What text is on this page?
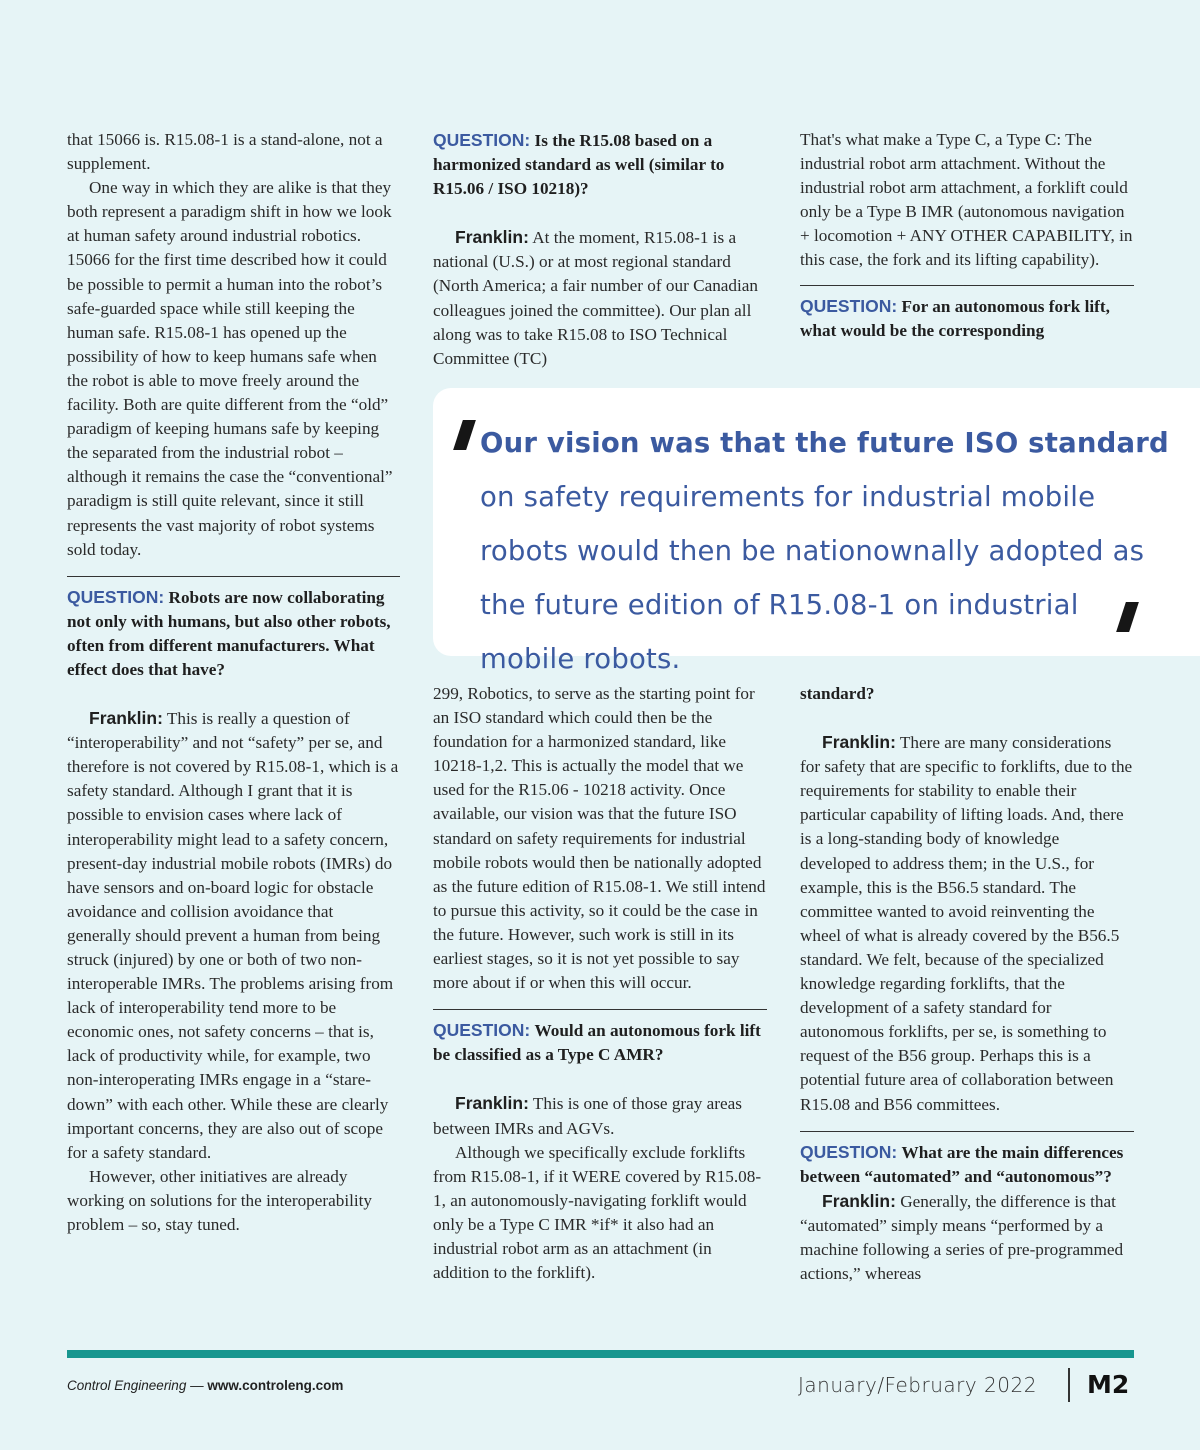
that 15066 is. R15.08-1 is a stand-alone, not a supplement.

One way in which they are alike is that they both represent a paradigm shift in how we look at human safety around industrial robotics. 15066 for the first time described how it could be possible to permit a human into the robot’s safe-guarded space while still keeping the human safe. R15.08-1 has opened up the possibility of how to keep humans safe when the robot is able to move freely around the facility. Both are quite different from the “old” paradigm of keeping humans safe by keeping the separated from the industrial robot – although it remains the case the “conventional” paradigm is still quite relevant, since it still represents the vast majority of robot systems sold today.

QUESTION: Robots are now collaborating not only with humans, but also other robots, often from different manufacturers. What effect does that have?

Franklin: This is really a question of “interoperability” and not “safety” per se, and therefore is not covered by R15.08-1, which is a safety standard. Although I grant that it is possible to envision cases where lack of interoperability might lead to a safety concern, present-day industrial mobile robots (IMRs) do have sensors and on-board logic for obstacle avoidance and collision avoidance that generally should prevent a human from being struck (injured) by one or both of two non-interoperable IMRs. The problems arising from lack of interoperability tend more to be economic ones, not safety concerns – that is, lack of productivity while, for example, two non-interoperating IMRs engage in a “stare-down” with each other. While these are clearly important concerns, they are also out of scope for a safety standard.

However, other initiatives are already working on solutions for the interoperability problem – so, stay tuned.

QUESTION: Is the R15.08 based on a harmonized standard as well (similar to R15.06 / ISO 10218)?

Franklin: At the moment, R15.08-1 is a national (U.S.) or at most regional standard (North America; a fair number of our Canadian colleagues joined the committee). Our plan all along was to take R15.08 to ISO Technical Committee (TC)

299, Robotics, to serve as the starting point for an ISO standard which could then be the foundation for a harmonized standard, like 10218-1,2. This is actually the model that we used for the R15.06 - 10218 activity. Once available, our vision was that the future ISO standard on safety requirements for industrial mobile robots would then be nationally adopted as the future edition of R15.08-1. We still intend to pursue this activity, so it could be the case in the future. However, such work is still in its earliest stages, so it is not yet possible to say more about if or when this will occur.

QUESTION: Would an autonomous fork lift be classified as a Type C AMR?

Franklin: This is one of those gray areas between IMRs and AGVs.

Although we specifically exclude forklifts from R15.08-1, if it WERE covered by R15.08-1, an autonomously-navigating forklift would only be a Type C IMR *if* it also had an industrial robot arm as an attachment (in addition to the forklift).

That's what make a Type C, a Type C: The industrial robot arm attachment. Without the industrial robot arm attachment, a forklift could only be a Type B IMR (autonomous navigation + locomotion + ANY OTHER CAPABILITY, in this case, the fork and its lifting capability).

QUESTION: For an autonomous fork lift, what would be the corresponding

standard?

Franklin: There are many considerations for safety that are specific to forklifts, due to the requirements for stability to enable their particular capability of lifting loads. And, there is a long-standing body of knowledge developed to address them; in the U.S., for example, this is the B56.5 standard. The committee wanted to avoid reinventing the wheel of what is already covered by the B56.5 standard. We felt, because of the specialized knowledge regarding forklifts, that the development of a safety standard for autonomous forklifts, per se, is something to request of the B56 group. Perhaps this is a potential future area of collaboration between R15.08 and B56 committees.

QUESTION: What are the main differences between “automated” and “autonomous”?

Franklin: Generally, the difference is that “automated” simply means “performed by a machine following a series of pre-programmed actions,” whereas

Our vision was that the future ISO standard on safety requirements for industrial mobile robots would then be nationownally adopted as the future edition of R15.08-1 on industrial mobile robots.
Control Engineering — www.controleng.com	January/February 2022 M2
